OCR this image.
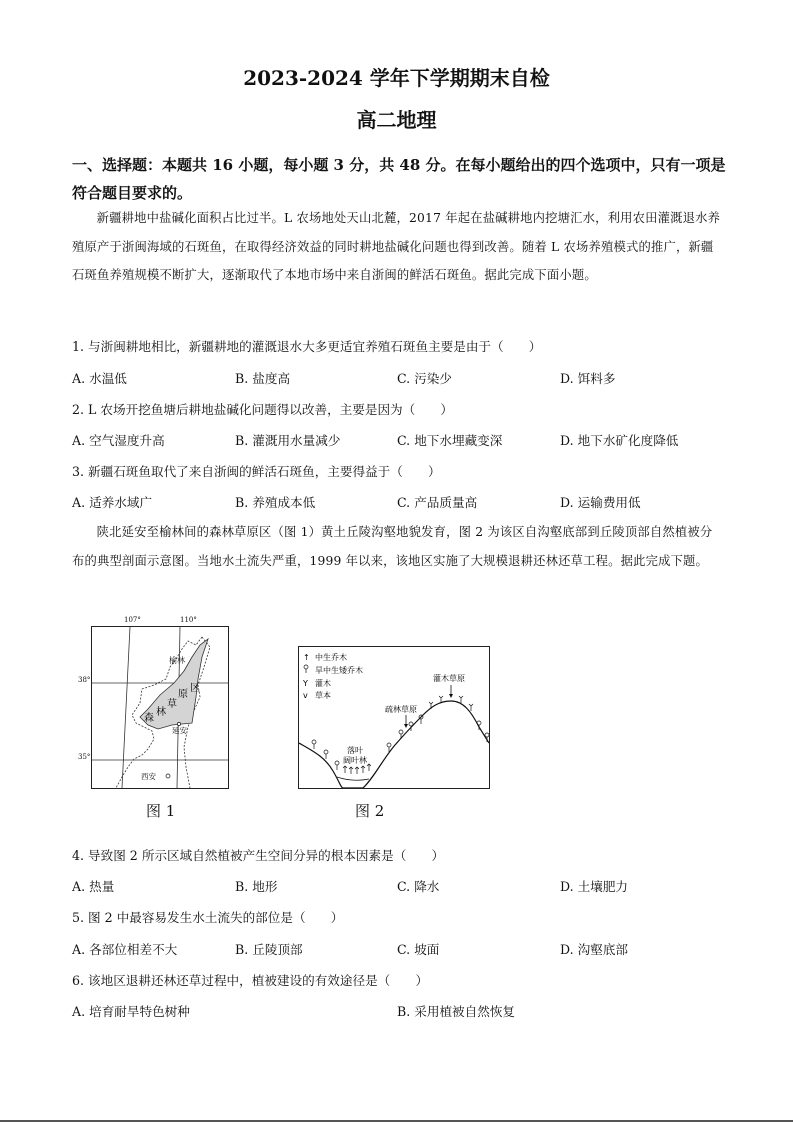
2023-2024 学年下学期期末自检
高二地理
一、选择题：本题共 16 小题，每小题 3 分，共 48 分。在每小题给出的四个选项中，只有一项是符合题目要求的。
新疆耕地中盐碱化面积占比过半。L 农场地处天山北麓，2017 年起在盐碱耕地内挖塘汇水，利用农田灌溉退水养殖原产于浙闽海域的石斑鱼，在取得经济效益的同时耕地盐碱化问题也得到改善。随着 L 农场养殖模式的推广，新疆石斑鱼养殖规模不断扩大，逐渐取代了本地市场中来自浙闽的鲜活石斑鱼。据此完成下面小题。
1. 与浙闽耕地相比，新疆耕地的灌溉退水大多更适宜养殖石斑鱼主要是由于（　　）
A. 水温低	B. 盐度高	C. 污染少	D. 饵料多
2. L 农场开挖鱼塘后耕地盐碱化问题得以改善，主要是因为（　　）
A. 空气湿度升高	B. 灌溉用水量减少	C. 地下水埋藏变深	D. 地下水矿化度降低
3. 新疆石斑鱼取代了来自浙闽的鲜活石斑鱼，主要得益于（　　）
A. 适养水域广	B. 养殖成本低	C. 产品质量高	D. 运输费用低
陕北延安至榆林间的森林草原区（图 1）黄土丘陵沟壑地貌发育，图 2 为该区自沟壑底部到丘陵顶部自然植被分布的典型剖面示意图。当地水土流失严重，1999 年以来，该地区实施了大规模退耕还林还草工程。据此完成下题。
榆林
延安
西安
森
林
草
原
区
107°	110°
38°
35°
↑ 中生乔木
旱中生矮乔木
Y 灌木
v 草本
灌木草原
疏林草原
落叶
阔叶林
图 1	图 2
4. 导致图 2 所示区域自然植被产生空间分异的根本因素是（　　）
A. 热量	B. 地形	C. 降水	D. 土壤肥力
5. 图 2 中最容易发生水土流失的部位是（　　）
A. 各部位相差不大	B. 丘陵顶部	C. 坡面	D. 沟壑底部
6. 该地区退耕还林还草过程中，植被建设的有效途径是（　　）
A. 培育耐旱特色树种	B. 采用植被自然恢复
